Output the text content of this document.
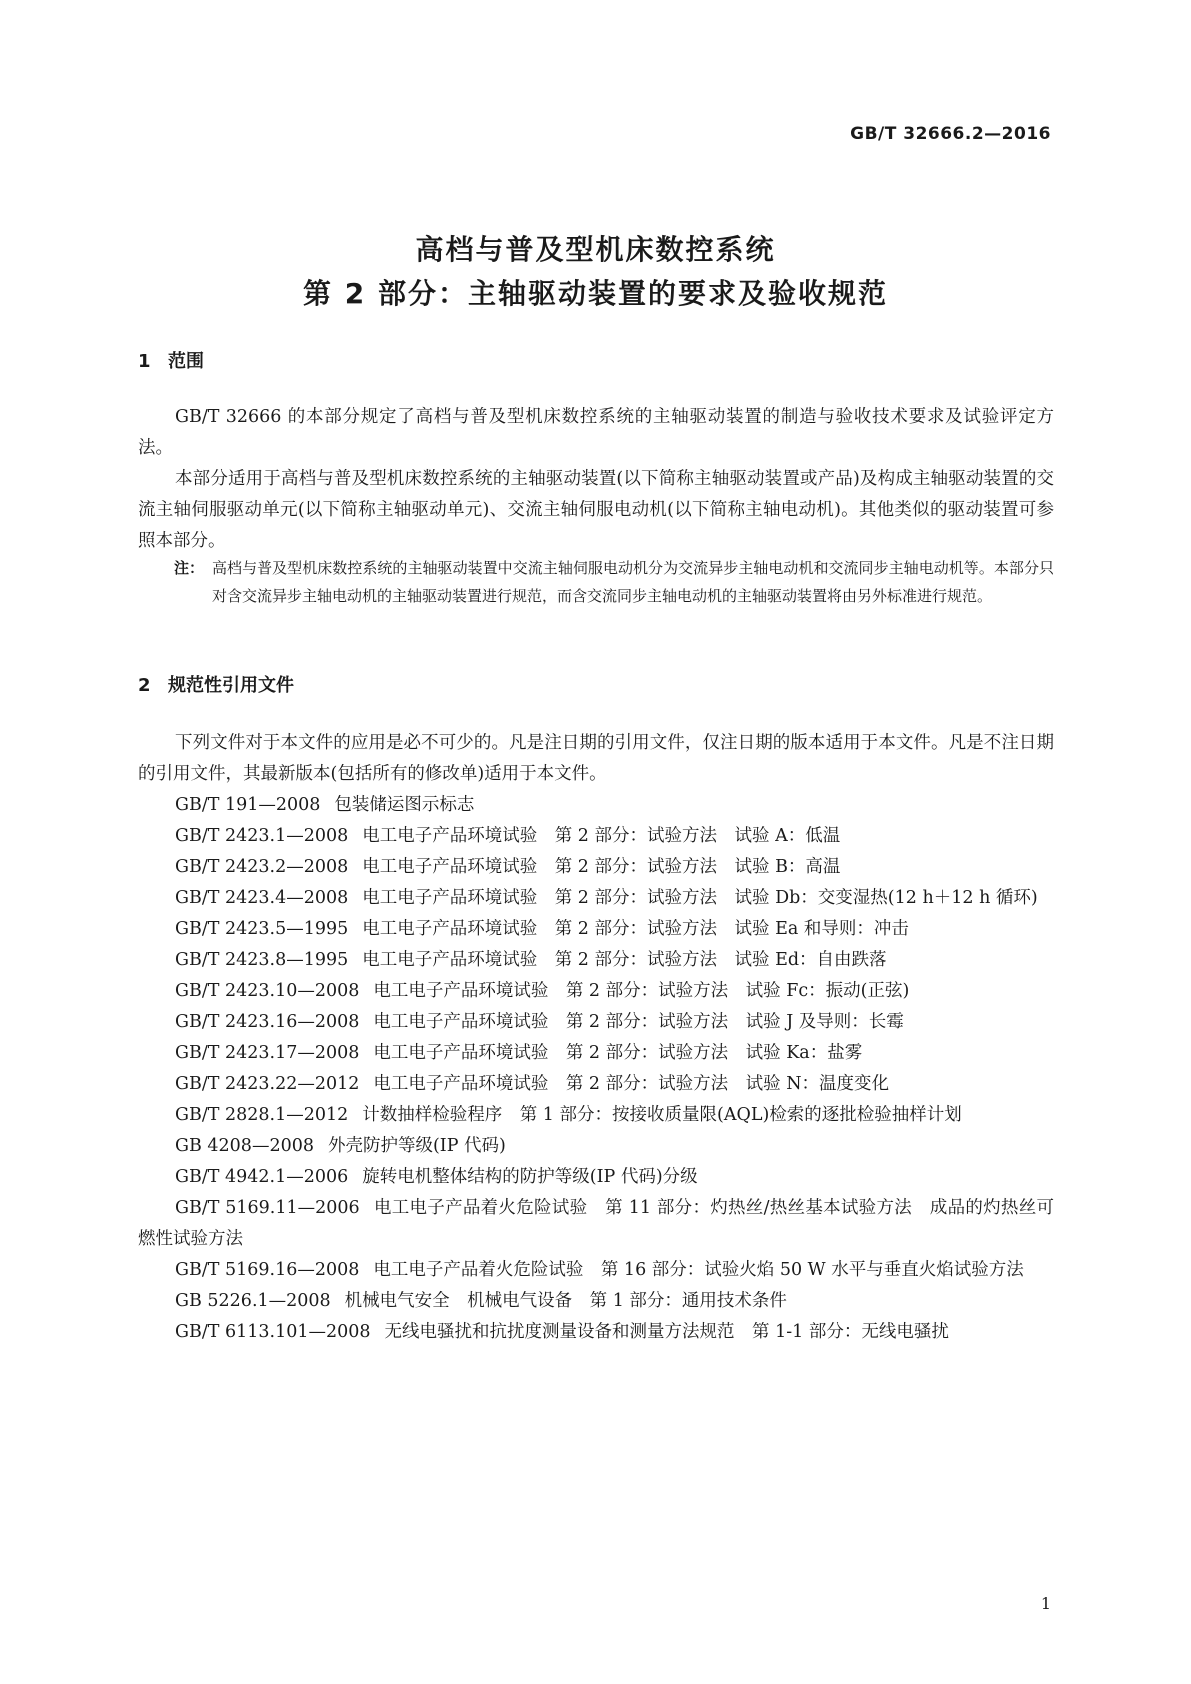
GB/T 32666.2—2016
高档与普及型机床数控系统
第 2 部分：主轴驱动装置的要求及验收规范
1 范围

GB/T 32666 的本部分规定了高档与普及型机床数控系统的主轴驱动装置的制造与验收技术要求及试验评定方法。

本部分适用于高档与普及型机床数控系统的主轴驱动装置(以下简称主轴驱动装置或产品)及构成主轴驱动装置的交流主轴伺服驱动单元(以下简称主轴驱动单元)、交流主轴伺服电动机(以下简称主轴电动机)。其他类似的驱动装置可参照本部分。

注： 高档与普及型机床数控系统的主轴驱动装置中交流主轴伺服电动机分为交流异步主轴电动机和交流同步主轴电动机等。本部分只对含交流异步主轴电动机的主轴驱动装置进行规范，而含交流同步主轴电动机的主轴驱动装置将由另外标准进行规范。
2 规范性引用文件

下列文件对于本文件的应用是必不可少的。凡是注日期的引用文件，仅注日期的版本适用于本文件。凡是不注日期的引用文件，其最新版本(包括所有的修改单)适用于本文件。

GB/T 191—2008 包装储运图示标志

GB/T 2423.1—2008 电工电子产品环境试验　第 2 部分：试验方法　试验 A：低温

GB/T 2423.2—2008 电工电子产品环境试验　第 2 部分：试验方法　试验 B：高温

GB/T 2423.4—2008 电工电子产品环境试验　第 2 部分：试验方法　试验 Db：交变湿热(12 h＋12 h 循环)

GB/T 2423.5—1995 电工电子产品环境试验　第 2 部分：试验方法　试验 Ea 和导则：冲击

GB/T 2423.8—1995 电工电子产品环境试验　第 2 部分：试验方法　试验 Ed：自由跌落

GB/T 2423.10—2008 电工电子产品环境试验　第 2 部分：试验方法　试验 Fc：振动(正弦)

GB/T 2423.16—2008 电工电子产品环境试验　第 2 部分：试验方法　试验 J 及导则：长霉

GB/T 2423.17—2008 电工电子产品环境试验　第 2 部分：试验方法　试验 Ka：盐雾

GB/T 2423.22—2012 电工电子产品环境试验　第 2 部分：试验方法　试验 N：温度变化

GB/T 2828.1—2012 计数抽样检验程序　第 1 部分：按接收质量限(AQL)检索的逐批检验抽样计划

GB 4208—2008 外壳防护等级(IP 代码)

GB/T 4942.1—2006 旋转电机整体结构的防护等级(IP 代码)分级

GB/T 5169.11—2006 电工电子产品着火危险试验　第 11 部分：灼热丝/热丝基本试验方法　成品的灼热丝可燃性试验方法

GB/T 5169.16—2008 电工电子产品着火危险试验　第 16 部分：试验火焰 50 W 水平与垂直火焰试验方法

GB 5226.1—2008 机械电气安全　机械电气设备　第 1 部分：通用技术条件

GB/T 6113.101—2008 无线电骚扰和抗扰度测量设备和测量方法规范　第 1-1 部分：无线电骚扰

1
